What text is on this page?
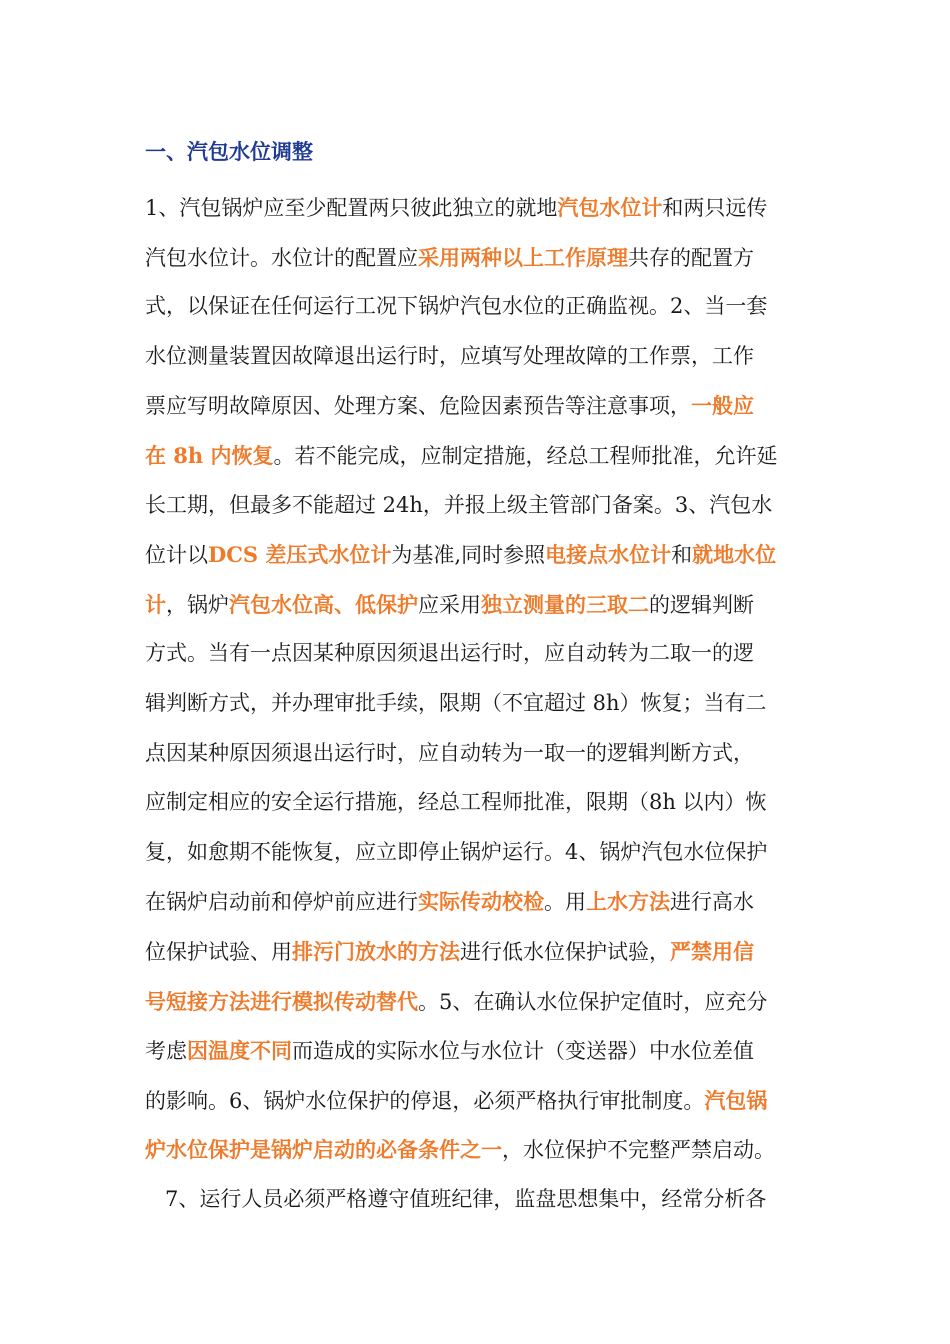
一、汽包水位调整
1、汽包锅炉应至少配置两只彼此独立的就地汽包水位计和两只远传
汽包水位计。水位计的配置应采用两种以上工作原理共存的配置方
式，以保证在任何运行工况下锅炉汽包水位的正确监视。2、当一套
水位测量装置因故障退出运行时，应填写处理故障的工作票，工作
票应写明故障原因、处理方案、危险因素预告等注意事项，一般应
在 8h 内恢复。若不能完成，应制定措施，经总工程师批准，允许延
长工期，但最多不能超过 24h，并报上级主管部门备案。3、汽包水
位计以DCS 差压式水位计为基准,同时参照电接点水位计和就地水位
计，锅炉汽包水位高、低保护应采用独立测量的三取二的逻辑判断
方式。当有一点因某种原因须退出运行时，应自动转为二取一的逻
辑判断方式，并办理审批手续，限期（不宜超过 8h）恢复；当有二
点因某种原因须退出运行时，应自动转为一取一的逻辑判断方式，
应制定相应的安全运行措施，经总工程师批准，限期（8h 以内）恢
复，如愈期不能恢复，应立即停止锅炉运行。4、锅炉汽包水位保护
在锅炉启动前和停炉前应进行实际传动校检。用上水方法进行高水
位保护试验、用排污门放水的方法进行低水位保护试验，严禁用信
号短接方法进行模拟传动替代。5、在确认水位保护定值时，应充分
考虑因温度不同而造成的实际水位与水位计（变送器）中水位差值
的影响。6、锅炉水位保护的停退，必须严格执行审批制度。汽包锅
炉水位保护是锅炉启动的必备条件之一，水位保护不完整严禁启动。
7、运行人员必须严格遵守值班纪律，监盘思想集中，经常分析各
